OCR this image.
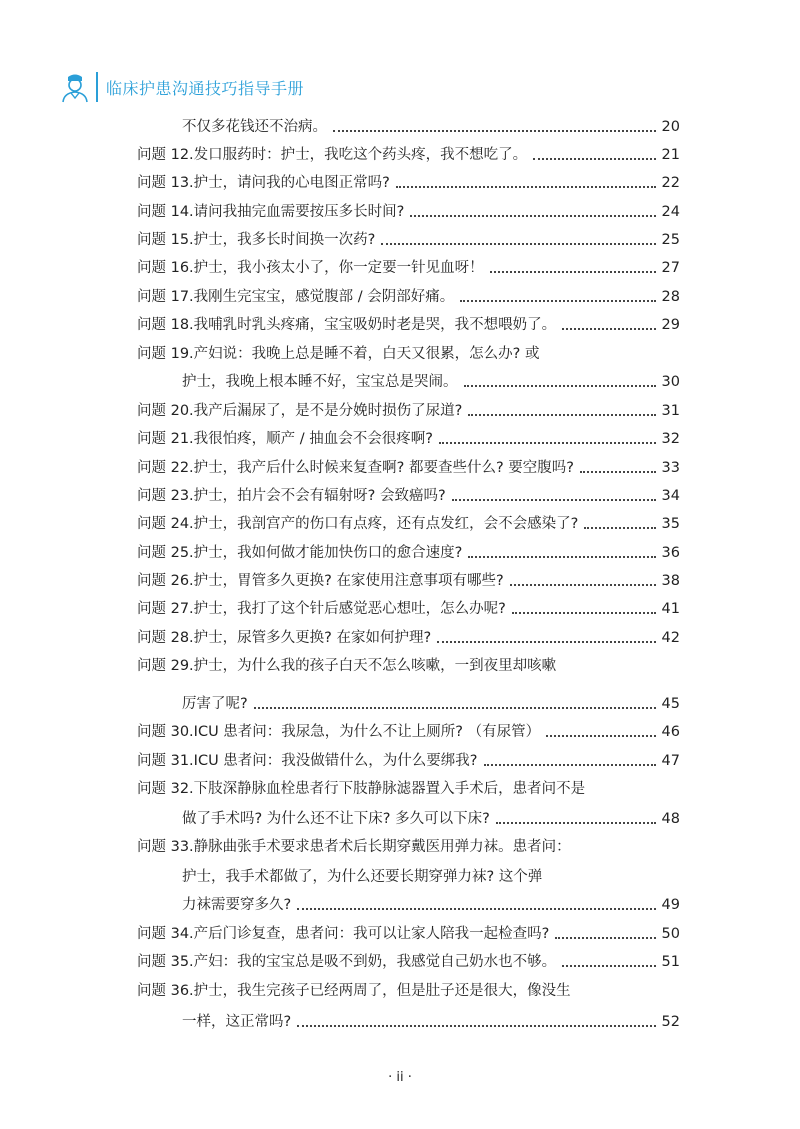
临床护患沟通技巧指导手册
不仅多花钱还不治病。	20
问题 12. 发口服药时：护士，我吃这个药头疼，我不想吃了。	21
问题 13. 护士，请问我的心电图正常吗?	22
问题 14. 请问我抽完血需要按压多长时间?	24
问题 15. 护士，我多长时间换一次药?	25
问题 16. 护士，我小孩太小了，你一定要一针见血呀！	27
问题 17. 我刚生完宝宝，感觉腹部 / 会阴部好痛。	28
问题 18. 我哺乳时乳头疼痛，宝宝吸奶时老是哭，我不想喂奶了。	29
问题 19. 产妇说：我晚上总是睡不着，白天又很累，怎么办? 或
护士，我晚上根本睡不好，宝宝总是哭闹。	30
问题 20. 我产后漏尿了，是不是分娩时损伤了尿道?	31
问题 21. 我很怕疼，顺产 / 抽血会不会很疼啊?	32
问题 22. 护士，我产后什么时候来复查啊? 都要查些什么? 要空腹吗?	33
问题 23. 护士，拍片会不会有辐射呀? 会致癌吗?	34
问题 24. 护士，我剖宫产的伤口有点疼，还有点发红，会不会感染了?	35
问题 25. 护士，我如何做才能加快伤口的愈合速度?	36
问题 26. 护士，胃管多久更换? 在家使用注意事项有哪些?	38
问题 27. 护士，我打了这个针后感觉恶心想吐，怎么办呢?	41
问题 28. 护士，尿管多久更换? 在家如何护理?	42
问题 29. 护士，为什么我的孩子白天不怎么咳嗽，一到夜里却咳嗽
厉害了呢?	45
问题 30. ICU 患者问：我尿急，为什么不让上厕所? （有尿管）	46
问题 31. ICU 患者问：我没做错什么，为什么要绑我?	47
问题 32. 下肢深静脉血栓患者行下肢静脉滤器置入手术后，患者问不是
做了手术吗? 为什么还不让下床? 多久可以下床?	48
问题 33. 静脉曲张手术要求患者术后长期穿戴医用弹力袜。患者问：
护士，我手术都做了，为什么还要长期穿弹力袜? 这个弹
力袜需要穿多久?	49
问题 34. 产后门诊复查，患者问：我可以让家人陪我一起检查吗?	50
问题 35. 产妇：我的宝宝总是吸不到奶，我感觉自己奶水也不够。	51
问题 36. 护士，我生完孩子已经两周了，但是肚子还是很大，像没生
一样，这正常吗?	52
· ii ·
